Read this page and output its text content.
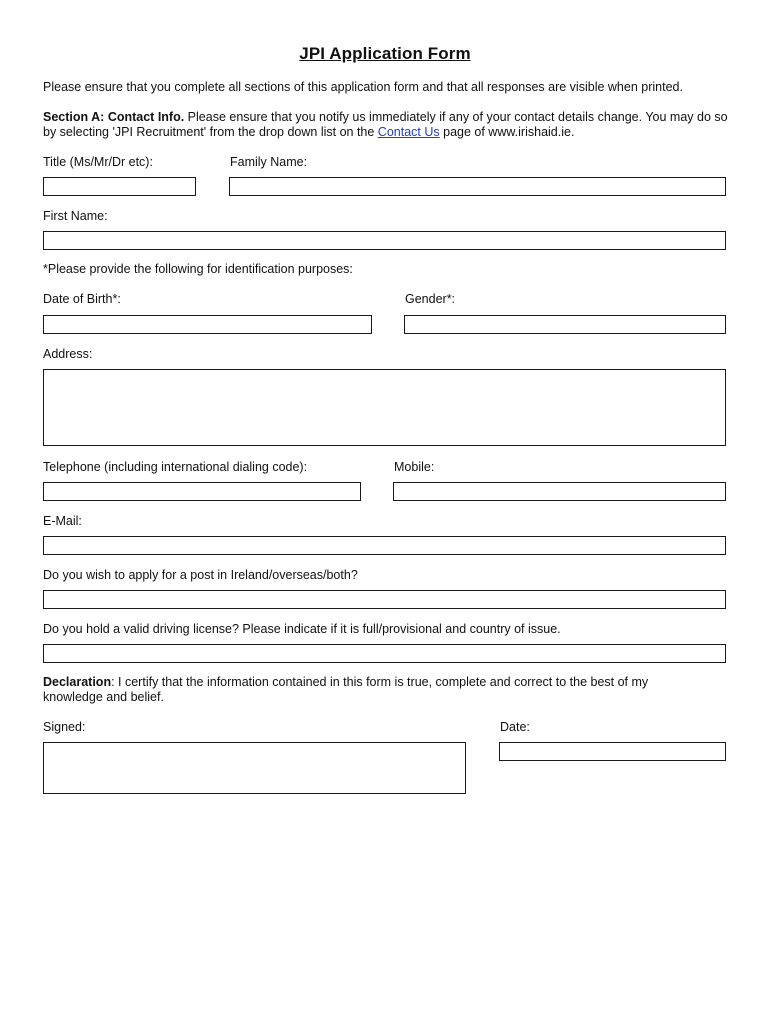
JPI Application Form
Please ensure that you complete all sections of this application form and that all responses are visible when printed.
Section A: Contact Info. Please ensure that you notify us immediately if any of your contact details change. You may do so by selecting 'JPI Recruitment' from the drop down list on the Contact Us page of www.irishaid.ie.
Title (Ms/Mr/Dr etc):	Family Name:
First Name:
*Please provide the following for identification purposes:
Date of Birth*:	Gender*:
Address:
Telephone (including international dialing code):	Mobile:
E-Mail:
Do you wish to apply for a post in Ireland/overseas/both?
Do you hold a valid driving license? Please indicate if it is full/provisional and country of issue.
Declaration: I certify that the information contained in this form is true, complete and correct to the best of my knowledge and belief.
Signed:	Date:
